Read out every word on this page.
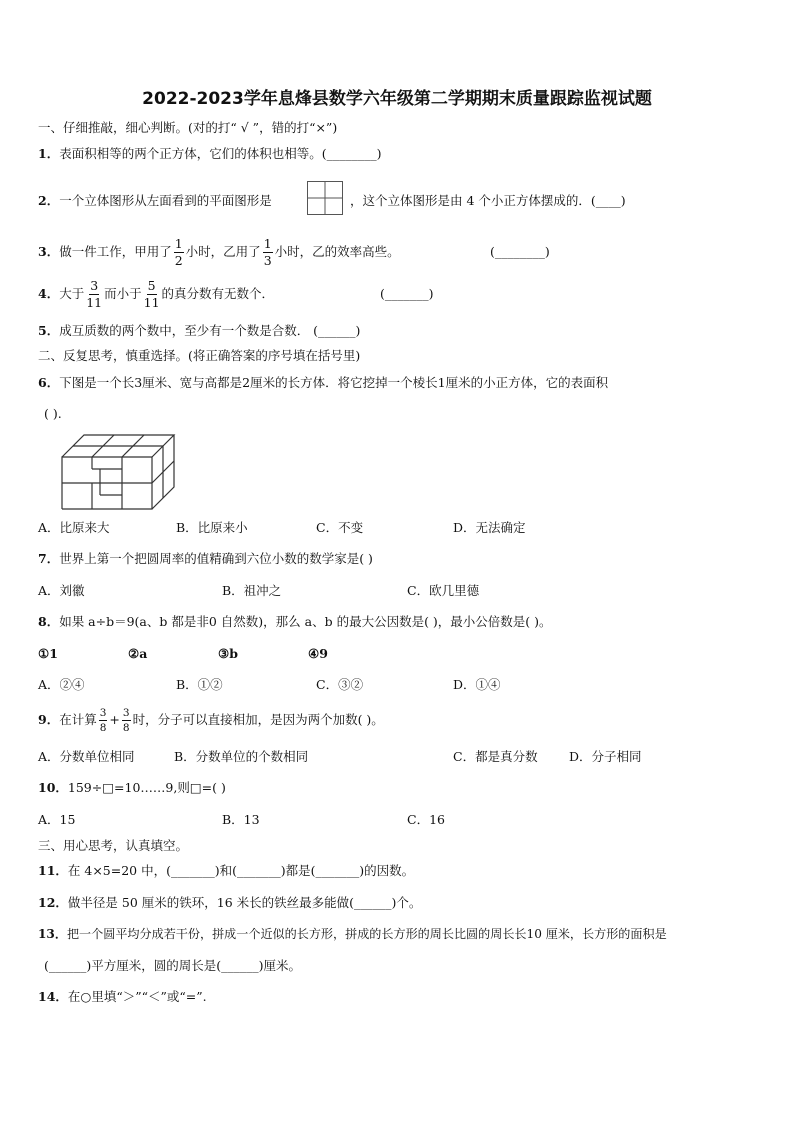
2022-2023学年息烽县数学六年级第二学期期末质量跟踪监视试题
一、仔细推敲，细心判断。(对的打“ √ ”，错的打“×”)
1．表面积相等的两个正方体，它们的体积也相等。(________)
2．一个立体图形从左面看到的平面图形是	，这个立体图形是由 4 个小正方体摆成的．(____)
3．做一件工作，甲用了 $\frac{1}{2}$ 小时，乙用了 $\frac{1}{3}$ 小时，乙的效率高些。	(________)
4．大于 $\frac{3}{11}$ 而小于 $\frac{5}{11}$ 的真分数有无数个．	(_______)
5．成互质数的两个数中，至少有一个数是合数． (______)
二、反复思考，慎重选择。(将正确答案的序号填在括号里)
6．下图是一个长3厘米、宽与高都是2厘米的长方体．将它挖掉一个棱长1厘米的小正方体，它的表面积
( ).
A．比原来大	B．比原来小	C．不变	D．无法确定
7．世界上第一个把圆周率的值精确到六位小数的数学家是( )
A．刘徽	B．祖冲之	C．欧几里德
8．如果 a÷b＝9(a、b 都是非0 自然数)，那么 a、b 的最大公因数是( )，最小公倍数是( )。
①1	②a	③b	④9
A．②④	B．①②	C．③②	D．①④
9．在计算 $\frac{3}{8} + \frac{3}{8}$ 时，分子可以直接相加，是因为两个加数( )。
A．分数单位相同	B．分数单位的个数相同	C．都是真分数	D．分子相同
10．159÷□=10……9,则□=( )
A．15	B．13	C．16
三、用心思考，认真填空。
11．在 4×5=20 中，(_______)和(_______)都是(_______)的因数。
12．做半径是 50 厘米的铁环，16 米长的铁丝最多能做(______)个。
13．把一个圆平均分成若干份，拼成一个近似的长方形，拼成的长方形的周长比圆的周长长10 厘米，长方形的面积是
(______)平方厘米，圆的周长是(______)厘米。
14．在○里填“＞”“＜”或“=”.
